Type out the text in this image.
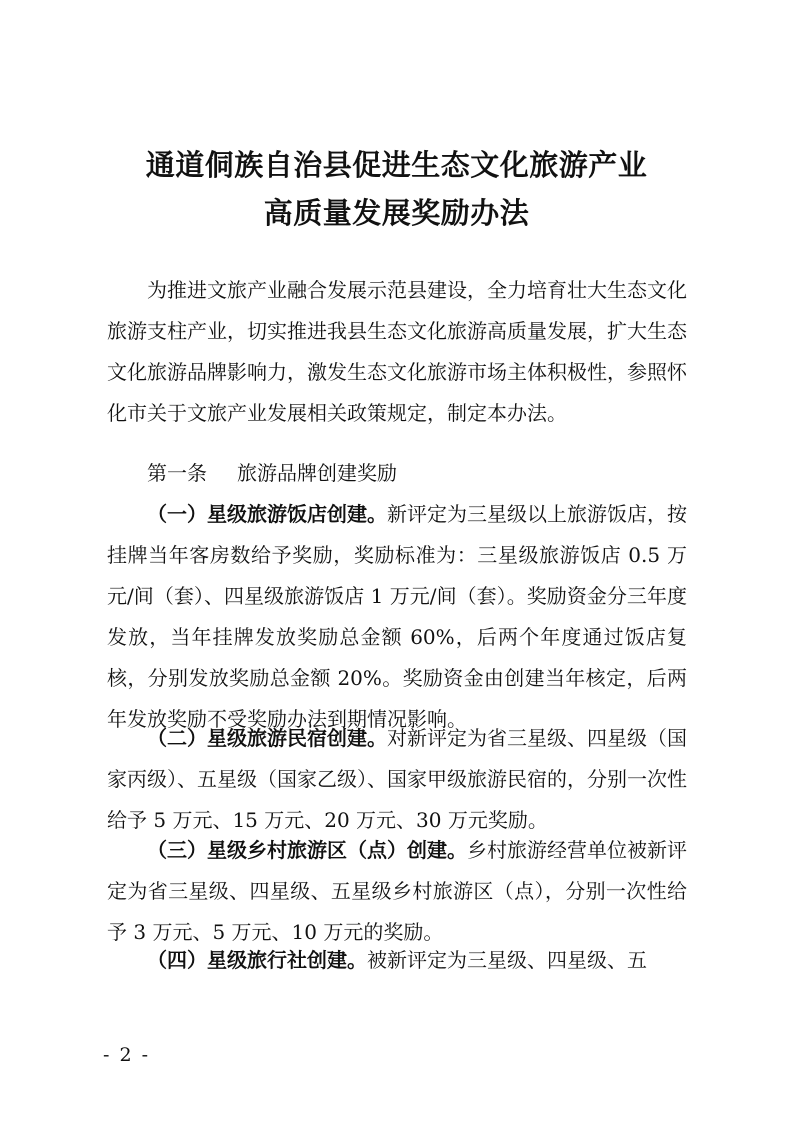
通道侗族自治县促进生态文化旅游产业
高质量发展奖励办法
为推进文旅产业融合发展示范县建设，全力培育壮大生态文化旅游支柱产业，切实推进我县生态文化旅游高质量发展，扩大生态文化旅游品牌影响力，激发生态文化旅游市场主体积极性，参照怀化市关于文旅产业发展相关政策规定，制定本办法。
第一条 旅游品牌创建奖励
（一）星级旅游饭店创建。新评定为三星级以上旅游饭店，按挂牌当年客房数给予奖励，奖励标准为：三星级旅游饭店 0.5 万元/间（套）、四星级旅游饭店 1 万元/间（套）。奖励资金分三年度发放，当年挂牌发放奖励总金额 60%，后两个年度通过饭店复核，分别发放奖励总金额 20%。奖励资金由创建当年核定，后两年发放奖励不受奖励办法到期情况影响。
（二）星级旅游民宿创建。对新评定为省三星级、四星级（国家丙级）、五星级（国家乙级）、国家甲级旅游民宿的，分别一次性给予 5 万元、15 万元、20 万元、30 万元奖励。
（三）星级乡村旅游区（点）创建。乡村旅游经营单位被新评定为省三星级、四星级、五星级乡村旅游区（点），分别一次性给予 3 万元、5 万元、10 万元的奖励。
（四）星级旅行社创建。被新评定为三星级、四星级、五
- 2 -
